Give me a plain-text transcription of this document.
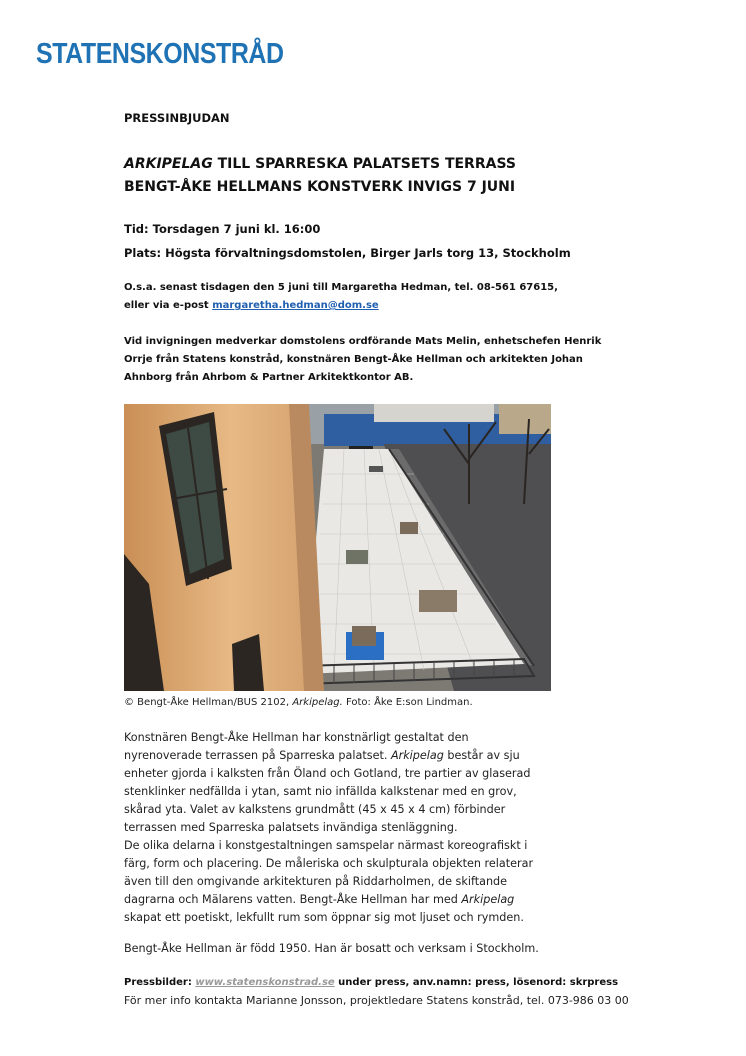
STATENSKONSTRÅD
PRESSINBJUDAN
ARKIPELAG TILL SPARRESKA PALATSETS TERRASS
BENGT-ÅKE HELLMANS KONSTVERK INVIGS 7 JUNI
Tid: Torsdagen 7 juni kl. 16:00
Plats: Högsta förvaltningsdomstolen, Birger Jarls torg 13, Stockholm
O.s.a. senast tisdagen den 5 juni till Margaretha Hedman, tel. 08-561 67615,
eller via e-post margaretha.hedman@dom.se
Vid invigningen medverkar domstolens ordförande Mats Melin, enhetschefen Henrik
Orrje från Statens konstråd, konstnären Bengt-Åke Hellman och arkitekten Johan
Ahnborg från Ahrbom & Partner Arkitektkontor AB.
© Bengt-Åke Hellman/BUS 2102, Arkipelag. Foto: Åke E:son Lindman.
Konstnären Bengt-Åke Hellman har konstnärligt gestaltat den
nyrenoverade terrassen på Sparreska palatset. Arkipelag består av sju
enheter gjorda i kalksten från Öland och Gotland, tre partier av glaserad
stenklinker nedfällda i ytan, samt nio infällda kalkstenar med en grov,
skårad yta. Valet av kalkstens grundmått (45 x 45 x 4 cm) förbinder
terrassen med Sparreska palatsets invändiga stenläggning.
De olika delarna i konstgestaltningen samspelar närmast koreografiskt i
färg, form och placering. De måleriska och skulpturala objekten relaterar
även till den omgivande arkitekturen på Riddarholmen, de skiftande
dagrarna och Mälarens vatten. Bengt-Åke Hellman har med Arkipelag
skapat ett poetiskt, lekfullt rum som öppnar sig mot ljuset och rymden.
Bengt-Åke Hellman är född 1950. Han är bosatt och verksam i Stockholm.
Pressbilder: www.statenskonstrad.se under press, anv.namn: press, lösenord: skrpress
För mer info kontakta Marianne Jonsson, projektledare Statens konstråd, tel. 073-986 03 00
